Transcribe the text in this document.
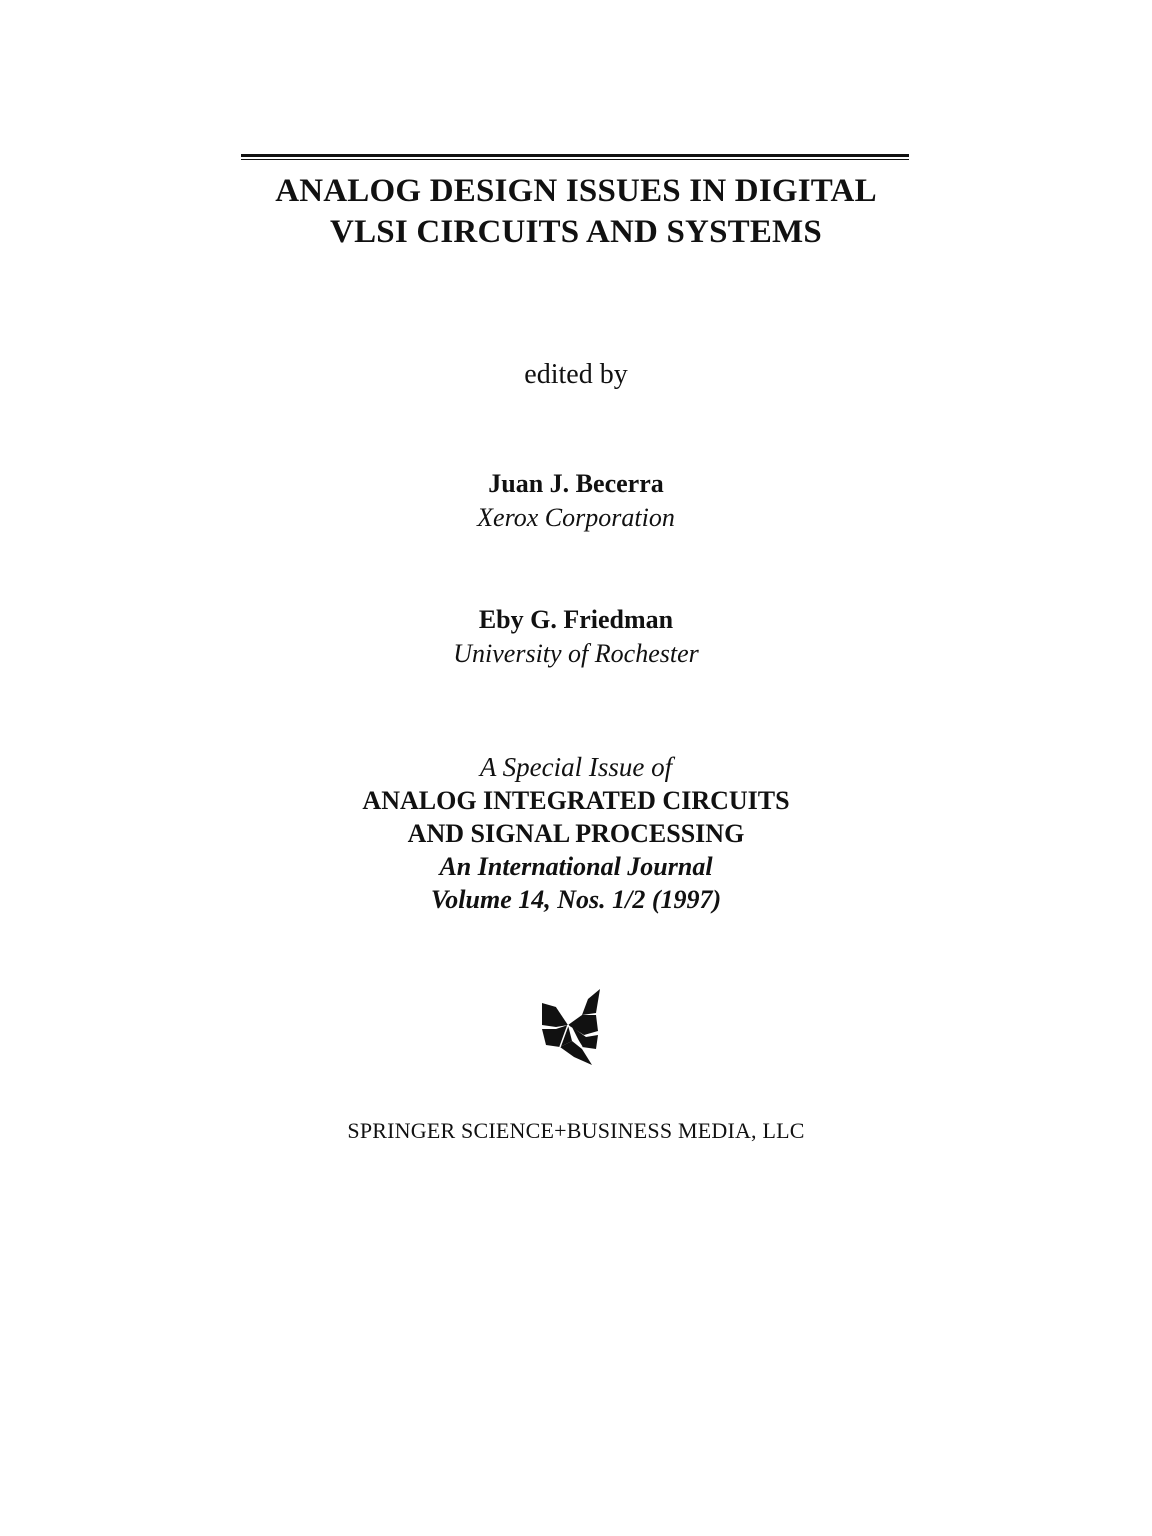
ANALOG DESIGN ISSUES IN DIGITAL
VLSI CIRCUITS AND SYSTEMS
edited by
Juan J. Becerra
Xerox Corporation
Eby G. Friedman
University of Rochester
A Special Issue of
ANALOG INTEGRATED CIRCUITS
AND SIGNAL PROCESSING
An International Journal
Volume 14, Nos. 1/2 (1997)
SPRINGER SCIENCE+BUSINESS MEDIA, LLC
